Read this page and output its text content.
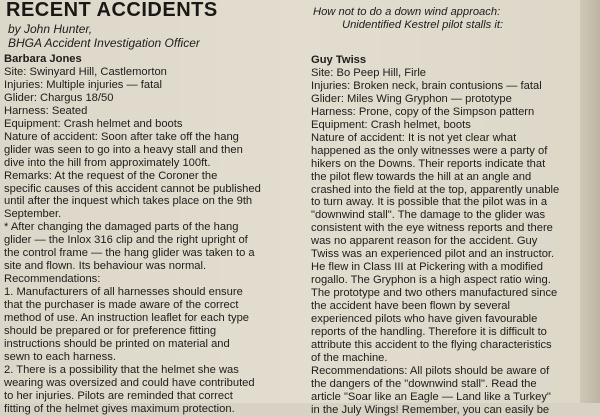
RECENT ACCIDENTS
by John Hunter,
BHGA Accident Investigation Officer
Barbara Jones
Site: Swinyard Hill, Castlemorton
Injuries: Multiple injuries — fatal
Glider: Chargus 18/50
Harness: Seated
Equipment: Crash helmet and boots
Nature of accident: Soon after take off the hang
glider was seen to go into a heavy stall and then
dive into the hill from approximately 100ft.
Remarks: At the request of the Coroner the
specific causes of this accident cannot be published
until after the inquest which takes place on the 9th
September.
* After changing the damaged parts of the hang
glider — the Inlox 316 clip and the right upright of
the control frame — the hang glider was taken to a
site and flown. Its behaviour was normal.
Recommendations:
1. Manufacturers of all harnesses should ensure
that the purchaser is made aware of the correct
method of use. An instruction leaflet for each type
should be prepared or for preference fitting
instructions should be printed on material and
sewn to each harness.
2. There is a possibility that the helmet she was
wearing was oversized and could have contributed
to her injuries. Pilots are reminded that correct
fitting of the helmet gives maximum protection.
How not to do a down wind approach:
Unidentified Kestrel pilot stalls it:
Guy Twiss
Site: Bo Peep Hill, Firle
Injuries: Broken neck, brain contusions — fatal
Glider: Miles Wing Gryphon — prototype
Harness: Prone, copy of the Simpson pattern
Equipment: Crash helmet, boots
Nature of accident: It is not yet clear what
happened as the only witnesses were a party of
hikers on the Downs. Their reports indicate that
the pilot flew towards the hill at an angle and
crashed into the field at the top, apparently unable
to turn away. It is possible that the pilot was in a
"downwind stall". The damage to the glider was
consistent with the eye witness reports and there
was no apparent reason for the accident. Guy
Twiss was an experienced pilot and an instructor.
He flew in Class III at Pickering with a modified
rogallo. The Gryphon is a high aspect ratio wing.
The prototype and two others manufactured since
the accident have been flown by several
experienced pilots who have given favourable
reports of the handling. Therefore it is difficult to
attribute this accident to the flying characteristics
of the machine.
Recommendations: All pilots should be aware of
the dangers of the "downwind stall". Read the
article "Soar like an Eagle — Land like a Turkey"
in the July Wings! Remember, you can easily be
